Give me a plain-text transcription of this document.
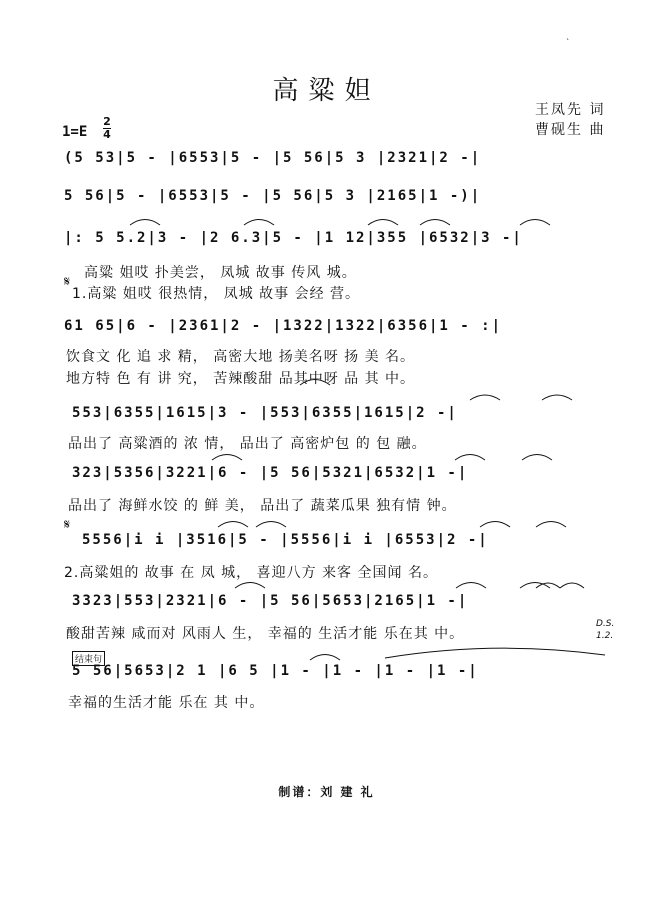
`
高粱妲
王凤先 词
曹砚生 曲
1=E
2
4
(5 53|5 - |6553|5 - |5 56|5 3 |2321|2 -|
5 56|5 - |6553|5 - |5 56|5 3 |2165|1 -)|
|: 5 5.2|3 - |2 6.3|5 - |1 12|355 |6532|3 -|
𝄋
高粱 姐哎 扑美尝， 凤城 故事 传风 城。
1.高粱 姐哎 很热情， 凤城 故事 会经 营。
61 65|6 - |2361|2 - |1322|1322|6356|1 - :|
饮食文 化 追 求 精， 高密大地 扬美名呀 扬 美 名。
地方特 色 有 讲 究， 苦辣酸甜 品其中呀 品 其 中。
553|6355|1615|3 - |553|6355|1615|2 -|
品出了 高粱酒的 浓 情， 品出了 高密炉包 的 包 融。
323|5356|3221|6 - |5 56|5321|6532|1 -|
品出了 海鲜水饺 的 鲜 美， 品出了 蔬菜瓜果 独有情 钟。
𝄋
5556|i i |3516|5 - |5556|i i |6553|2 -|
2.高粱姐的 故事 在 凤 城， 喜迎八方 来客 全国闻 名。
3323|553|2321|6 - |5 56|5653|2165|1 -|
酸甜苦辣 咸而对 风雨人 生， 幸福的 生活才能 乐在其 中。
D.S. 1.2.
结束句
5 56|5653|2 1 |6 5 |1 - |1 - |1 - |1 -|
幸福的生活才能 乐在 其 中。
制谱：刘 建 礼
